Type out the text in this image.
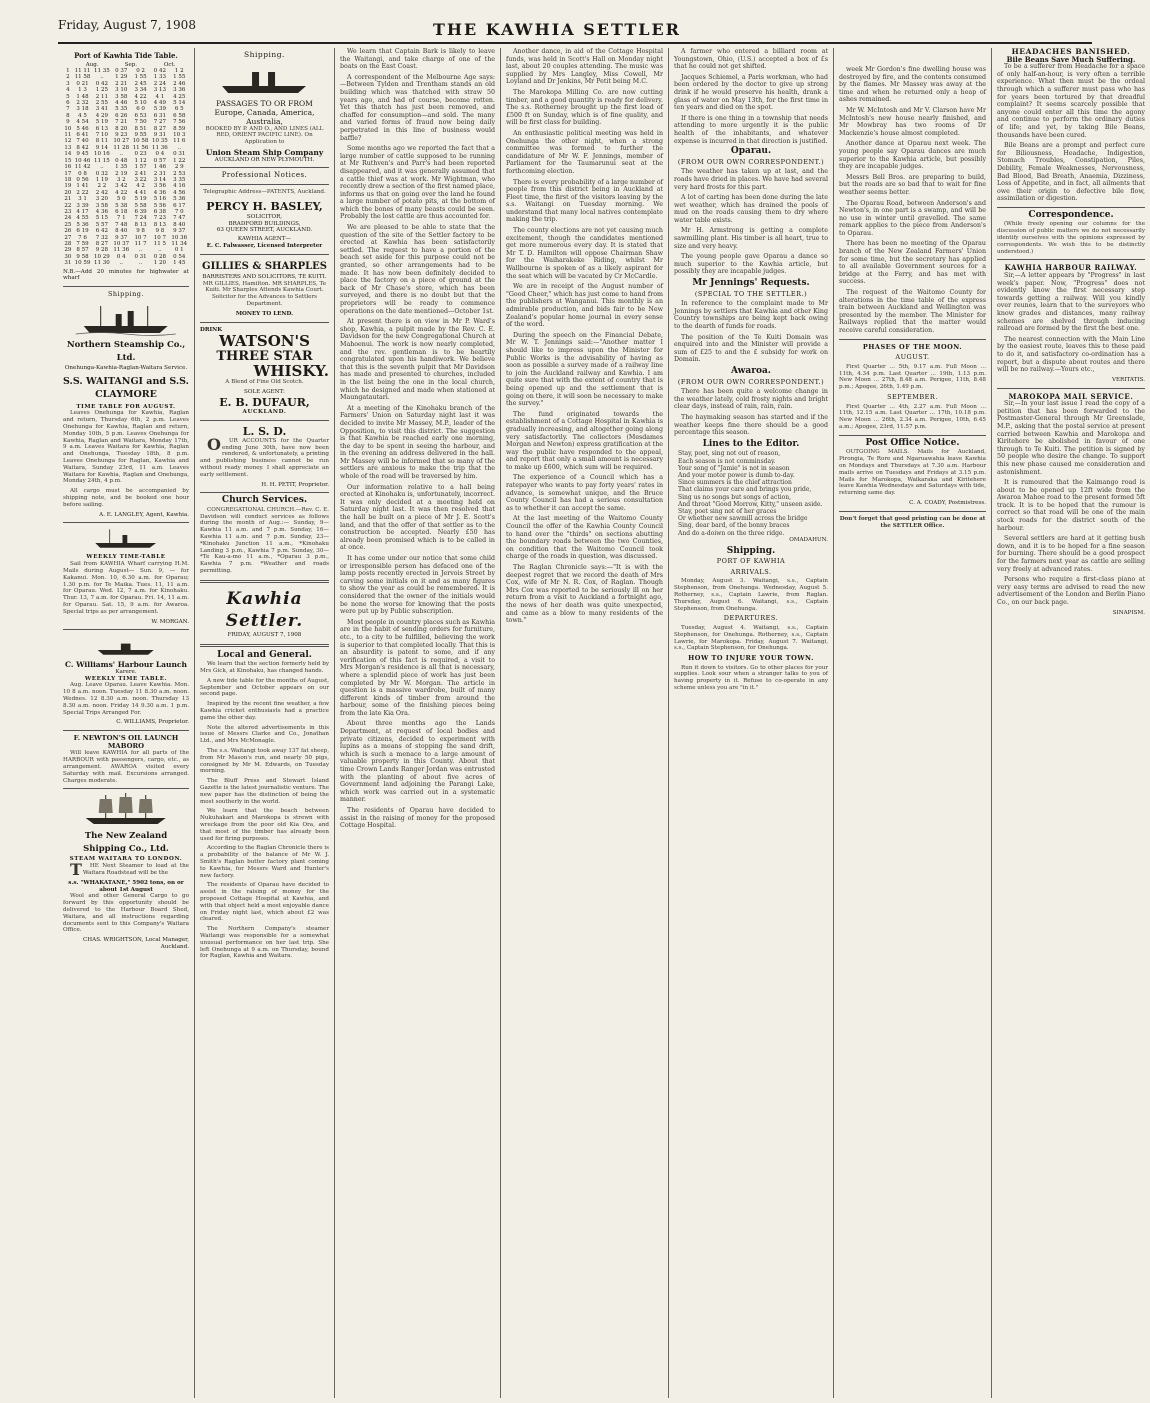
Friday, August 7, 1908	THE KAWHIA SETTLER
Port of Kawhia Tide Table.
	Aug.		Sep.		Oct.	
1	11 11	11 35	0 37	0 2	0 42	1 2
2	11 58	..	1 29	1 55	1 33	1 55
3	0 21	0 42	2 21	2 45	2 24	2 46
4	1 3	1 25	3 10	3 34	3 13	3 36
5	1 48	2 11	3 58	4 22	4 1	4 25
6	2 32	2 55	4 46	5 10	4 49	5 14
7	3 18	3 41	5 35	6 0	5 39	6 5
8	4 5	4 29	6 26	6 53	6 31	6 58
9	4 54	5 19	7 21	7 50	7 27	7 56
10	5 46	6 13	8 20	8 51	8 27	8 59
11	6 41	7 10	9 23	9 55	9 31	10 3
12	7 40	8 11	10 27	10 58	10 35	11 6
13	8 42	9 14	11 28	11 56	11 36	..
14	9 45	10 16	..	0 23	0 4	0 31
15	10 46	11 15	0 48	1 12	0 57	1 22
16	11 42	..	1 35	1 57	1 46	2 9
17	0 8	0 32	2 19	2 41	2 31	2 53
18	0 56	1 19	3 2	3 22	3 14	3 35
19	1 41	2 2	3 42	4 2	3 56	4 16
20	2 22	2 42	4 22	4 41	4 36	4 56
21	3 1	3 20	5 0	5 19	5 16	5 36
22	3 39	3 58	5 38	5 58	5 56	6 17
23	4 17	4 36	6 18	6 39	6 38	7 0
24	4 55	5 15	7 1	7 24	7 23	7 47
25	5 36	5 57	7 48	8 13	8 13	8 40
26	6 19	6 42	8 40	9 8	9 8	9 37
27	7 6	7 32	9 37	10 7	10 7	10 36
28	7 59	8 27	10 37	11 7	11 5	11 34
29	8 57	9 28	11 36	..	..	0 1
30	9 58	10 29	0 4	0 31	0 28	0 54
31	10 59	11 30	..	..	1 20	1 45
N.B.—Add 20 minutes for highwater at wharf
Shipping.
Northern Steamship Co., Ltd.
Onehunga-Kawhia-Raglan-Waitara Service.
S.S. WAITANGI and S.S. CLAYMORE
TIME TABLE FOR AUGUST.

Leaves Onehunga for Kawhia, Raglan and return, Thursday 6th, 2 p.m. Leaves Onehunga for Kawhia, Raglan and return, Monday 10th, 5 p.m. Leaves Onehunga for Kawhia, Raglan and Waitara, Monday 17th, 9 a.m. Leaves Waitara for Kawhia, Raglan and Onehunga, Tuesday 18th, 8 p.m. Leaves Onehunga for Raglan, Kawhia and Waitara, Sunday 23rd, 11 a.m. Leaves Waitara for Kawhia, Raglan and Onehunga, Monday 24th, 4 p.m.

All cargo must be accompanied by shipping note, and be booked one hour before sailing.

A. E. LANGLEY, Agent, Kawhia.
WEEKLY TIME-TABLE

Sail from KAWHIA Wharf carrying H.M. Mails during August— Sun. 9, — for Kakanui. Mon. 10, 6.30 a.m. for Oparau; 1.30 p.m. for Te Maika. Tues. 11, 11 a.m. for Oparau. Wed. 12, 7 a.m. for Kinohaku. Thur. 13, 7 a.m. for Oparau. Fri. 14, 11 a.m. for Oparau. Sat. 15, 9 a.m. for Awaroa. Special trips as per arrangement.

W. MORGAN.
C. Williams' Harbour Launch
Karere.
WEEKLY TIME TABLE.

Aug. Leave Oparau. Leave Kawhia. Mon. 10 8 a.m. noon. Tuesday 11 8.30 a.m. noon. Wednes. 12 8.30 a.m. noon. Thursday 13 8.30 a.m. noon. Friday 14 9.30 a.m. 1 p.m. Special Trips Arranged For.

C. WILLIAMS, Proprietor.
F. NEWTON'S OIL LAUNCH MABORO

Will leave KAWHIA for all parts of the HARBOUR with passengers, cargo, etc., as arrangement. AWAROA visited every Saturday with mail. Excursions arranged. Charges moderate.

The New Zealand Shipping Co., Ltd.
STEAM WAITARA TO LONDON.

THE Next Steamer to load at the Waitara Roadstead will be the

s.s. "WHAKATANE," 5902 tons, on or about 1st August

Wool and other General Cargo to go forward by this opportunity should be delivered to the Harbour Board Shed, Waitara, and all instructions regarding documents sent to this Company's Waitara Office.

CHAS. WRIGHTSON, Local Manager, Auckland.
Shipping.
PASSAGES TO OR FROM Europe, Canada, America, Australia,

BOOKED BY P. AND O., AND LINES (ALL RED, ORIENT PACIFIC LINE). On Application to

Union Steam Ship Company
AUCKLAND OR NEW PLYMOUTH.
Professional Notices.

Telegraphic Address—PATENTS, Auckland.

PERCY H. BASLEY,
SOLICITOR,
BRADFORD BUILDINGS,
63 QUEEN STREET, AUCKLAND.
KAWHIA AGENT—
E. C. Falwasser, Licensed Interpreter
GILLIES & SHARPLES
BARRISTERS AND SOLICITORS, TE KUITI.

MR GILLIES, Hamilton. MR SHARPLES, Te Kuiti. Mr Sharples Attends Kawhia Court. Solicitor for the Advances to Settlers Department.

MONEY TO LEND.
DRINK
WATSON'S
THREE STAR
WHISKY.

A Blend of Fine Old Scotch.

SOLE AGENT:
E. B. DUFAUR,
AUCKLAND.
L. S. D.

OUR ACCOUNTS for the Quarter ending June 30th, have now been rendered, & unfortunately, a printing and publishing business cannot be run without ready money. I shall appreciate an early settlement.

H. H. PETIT, Proprietor.
Church Services.

CONGREGATIONAL CHURCH.—Rev. C. E. Davidson will conduct services as follows during the month of Aug.:— Sunday, 9—Kawhia 11 a.m. and 7 p.m. Sunday, 16—Kawhia 11 a.m. and 7 p.m. Sunday, 23—*Kinohaku Junction 11 a.m., *Kinohaku Landing 3 p.m., Kawhia 7 p.m. Sunday, 30—*Te Kau-a-mo 11 a.m., *Oparau 3 p.m., Kawhia 7 p.m. *Weather and roads permitting.

Kawhia Settler.
FRIDAY, AUGUST 7, 1908
Local and General.

We learn that the section formerly held by Mrs Gick, at Kinohaku, has changed hands.

A new tide table for the months of August, September and October appears on our second page.

Inspired by the recent fine weather, a few Kawhia cricket enthusiasts had a practice game the other day.

Note the altered advertisements in this issue of Messrs Clarke and Co., Jonathan Ltd., and Mrs McMonagle.

The s.s. Waitangi took away 137 fat sheep, from Mr Mason's run, and nearly 50 pigs, consigned by Mr M. Edwards, on Tuesday morning.

The Bluff Press and Stewart Island Gazette is the latest journalistic venture. The new paper has the distinction of being the most southerly in the world.

We learn that the beach between Nukuhakari and Marokopa is strewn with wreckage from the poor old Kia Ora, and that most of the timber has already been used for firing purposes.

According to the Raglan Chronicle there is a probability of the balance of Mr W. J. Smith's Raglan butter factory plant coming to Kawhia, for Messrs Ward and Hunter's new factory.

The residents of Oparau have decided to assist in the raising of money for the proposed Cottage Hospital at Kawhia, and with that object held a most enjoyable dance on Friday night last, which about £2 was cleared.

The Northern Company's steamer Waitangi was responsible for a somewhat unusual performance on her last trip. She left Onehunga at 9 a.m. on Thursday, bound for Raglan, Kawhia and Waitara.

We learn that Captain Bark is likely to leave the Waitangi, and take charge of one of the boats on the East Coast.

A correspondent of the Melbourne Age says:—Between Tylden and Trentham stands an old building which was thatched with straw 50 years ago, and had of course, become rotten. Yet this thatch has just been removed, and chaffed for consumption—and sold. The many and varied forms of fraud now being daily perpetrated in this line of business would baffle?

Some months ago we reported the fact that a large number of cattle supposed to be running at Mr Ruthven's and Parr's had been reported disappeared, and it was generally assumed that a cattle thief was at work. Mr Wightman, who recently drew a section of the first named place, informs us that on going over the land he found a large number of potato pits, at the bottom of which the bones of many beasts could be seen. Probably the lost cattle are thus accounted for.

We are pleased to be able to state that the question of the site of the Settler factory to be erected at Kawhia has been satisfactorily settled. The request to have a portion of the beach set aside for this purpose could not be granted, so other arrangements had to be made. It has now been definitely decided to place the factory on a piece of ground at the back of Mr Chase's store, which has been surveyed, and there is no doubt but that the proprietors will be ready to commence operations on the date mentioned—October 1st.

At present there is on view in Mr P. Ward's shop, Kawhia, a pulpit made by the Rev. C. E. Davidson for the new Congregational Church at Mahoenui. The work is now nearly completed, and the rev. gentleman is to be heartily congratulated upon his handiwork. We believe that this is the seventh pulpit that Mr Davidson has made and presented to churches, included in the list being the one in the local church, which he designed and made when stationed at Maungatautari.

At a meeting of the Kinohaku branch of the Farmers' Union on Saturday night last it was decided to invite Mr Massey, M.P., leader of the Opposition, to visit this district. The suggestion is that Kawhia be reached early one morning, the day to be spent in seeing the harbour, and in the evening an address delivered in the hall. Mr Massey will be informed that so many of the settlers are anxious to make the trip that the whole of the road will be traversed by him.

Our information relative to a hall being erected at Kinohaku is, unfortunately, incorrect. It was only decided at a meeting held on Saturday night last. It was then resolved that the hall be built on a piece of Mr J. E. Scott's land, and that the offer of that settler as to the construction be accepted. Nearly £50 has already been promised which is to be called in at once.

It has come under our notice that some child or irresponsible person has defaced one of the lamp posts recently erected in Jervois Street by carving some initials on it and as many figures to show the year as could be remembered. It is considered that the owner of the initials would be none the worse for knowing that the posts were put up by Public subscription.

Most people in country places such as Kawhia are in the habit of sending orders for furniture, etc., to a city to be fulfilled, believing the work is superior to that completed locally. That this is an absurdity is patent to some, and if any verification of this fact is required, a visit to Mrs Morgan's residence is all that is necessary, where a splendid piece of work has just been completed by Mr W. Morgan. The article in question is a massive wardrobe, built of many different kinds of timber from around the harbour, some of the finishing pieces being from the late Kia Ora.

About three months ago the Lands Department, at request of local bodies and private citizens, decided to experiment with lupins as a means of stopping the sand drift, which is such a menace to a large amount of valuable property in this County. About that time Crown Lands Ranger Jordan was entrusted with the planting of about five acres of Government land adjoining the Parangi Lake, which work was carried out in a systematic manner.

The residents of Oparau have decided to assist in the raising of money for the proposed Cottage Hospital.

Another dance, in aid of the Cottage Hospital funds, was held in Scott's Hall on Monday night last, about 20 couples attending. The music was supplied by Mrs Langley, Miss Cowell, Mr Loyland and Dr Jenkins, Mr Petit being M.C.

The Marokopa Milling Co. are now cutting timber, and a good quantity is ready for delivery. The s.s. Rotherney brought up the first load of £500 ft on Sunday, which is of fine quality, and will be first class for building.

An enthusiastic political meeting was held in Onehunga the other night, when a strong committee was formed to further the candidature of Mr W. F. Jennings, member of Parliament for the Taumarunui seat at the forthcoming election.

There is every probability of a large number of people from this district being in Auckland at Fleet time, the first of the visitors leaving by the s.s. Waitangi on Tuesday morning. We understand that many local natives contemplate making the trip.

The county elections are not yet causing much excitement, though the candidates mentioned get more numerous every day. It is stated that Mr T. D. Hamilton will oppose Chairman Shaw for the Waiharakeke Riding, whilst Mr Wallbourne is spoken of as a likely aspirant for the seat which will be vacated by Cr McCardle.

We are in receipt of the August number of "Good Cheer," which has just come to hand from the publishers at Wanganui. This monthly is an admirable production, and bids fair to be New Zealand's popular home journal in every sense of the word.

During the speech on the Financial Debate, Mr W. T. Jennings said:—"Another matter I should like to impress upon the Minister for Public Works is the advisability of having as soon as possible a survey made of a railway line to join the Auckland railway and Kawhia. I am quite sure that with the extent of country that is being opened up and the settlement that is going on there, it will soon be necessary to make the survey."

The fund originated towards the establishment of a Cottage Hospital in Kawhia is gradually increasing, and altogether going along very satisfactorily. The collectors (Mesdames Morgan and Newton) express gratification at the way the public have responded to the appeal, and report that only a small amount is necessary to make up £600, which sum will be required.

The experience of a Council which has a ratepayer who wants to pay forty years' rates in advance, is somewhat unique, and the Bruce County Council has had a serious consultation as to whether it can accept the same.

At the last meeting of the Waitomo County Council the offer of the Kawhia County Council to hand over the "thirds" on sections abutting the boundary roads between the two Counties, on condition that the Waitomo Council took charge of the roads in question, was discussed.

The Raglan Chronicle says:—"It is with the deepest regret that we record the death of Mrs Cox, wife of Mr N. R. Cox, of Raglan. Though Mrs Cox was reported to be seriously ill on her return from a visit to Auckland a fortnight ago, the news of her death was quite unexpected, and came as a blow to many residents of the town."

A farmer who entered a billiard room at Youngstown, Ohio, (U.S.) accepted a box of £s that he could not get shifted.

Jacques Schiemel, a Paris workman, who had been ordered by the doctor to give up strong drink if he would preserve his health, drank a glass of water on May 13th, for the first time in ten years and died on the spot.

If there is one thing in a township that needs attending to more urgently it is the public health of the inhabitants, and whatever expense is incurred in that direction is justified.

Oparau.
(FROM OUR OWN CORRESPONDENT.)

The weather has taken up at last, and the roads have dried in places. We have had several very hard frosts for this part.

A lot of carting has been done during the late wet weather, which has drained the pools of mud on the roads causing them to dry where water table exists.

Mr H. Armstrong is getting a complete sawmilling plant. His timber is all heart, true to size and very heavy.

The young people gave Oparau a dance so much superior to the Kawhia article, but possibly they are incapable judges.

Mr Jennings' Requests.
(SPECIAL TO THE SETTLER.)

In reference to the complaint made to Mr Jennings by settlers that Kawhia and other King Country townships are being kept back owing to the dearth of funds for roads.

The position of the Te Kuiti Domain was enquired into and the Minister will provide a sum of £25 to and the £ subsidy for work on Domain.

Awaroa.
(FROM OUR OWN CORRESPONDENT.)

There has been quite a welcome change in the weather lately, cold frosty nights and bright clear days, instead of rain, rain, rain.

The haymaking season has started and if the weather keeps fine there should be a good percentage this season.

Lines to the Editor.

Stay, poet, sing not out of reason,

Each season is not comminsday.

Your song of "Jamie" is not in season

And your motor power is dumb to-day.

Since summers is the chief attraction

That claims your care and brings you pride,

Sing us no songs but songs of action,

And throat "Good Morrow, Kitty," unseen aside.

Stay, poet sing not of her graces

Or whether new sawmill across the bridge

Sing, dear bard, of the bonny braces

And do a-doiwn on the three ridge.

OMADAHUN.
Shipping.
PORT OF KAWHIA
ARRIVALS.

Monday, August 3. Waitangi, s.s., Captain Stephenson, from Onehunga. Wednesday, August 5. Rotherney, s.s., Captain Lawrie, from Raglan. Thursday, August 6. Waitangi, s.s., Captain Stephenson, from Onehunga.

DEPARTURES.

Tuesday, August 4. Waitangi, s.s., Captain Stephenson, for Onehunga. Rotherney, s.s., Captain Lawrie, for Marokopa. Friday, August 7. Waitangi, s.s., Captain Stephenson, for Onehunga.

HOW TO INJURE YOUR TOWN.

Run it down to visitors. Go to other places for your supplies. Look sour when a stranger talks to you of having property in it. Refuse to co-operate in any scheme unless you are "in it."

week Mr Gordon's fine dwelling house was destroyed by fire, and the contents consumed by the flames. Mr Massey was away at the time and when he returned only a heap of ashes remained.

Mr W. McIntosh and Mr V. Clarson have Mr McIntosh's new house nearly finished, and Mr Mowbray has two rooms of Dr Mackenzie's house almost completed.

Another dance at Oparau next week. The young people say Oparau dances are much superior to the Kawhia article, but possibly they are incapable judges.

Messrs Bell Bros. are preparing to build, but the roads are so bad that to wait for fine weather seems better.

The Oparau Road, between Anderson's and Newton's, in one part is a swamp, and will be no use in winter until gravelled. The same remark applies to the piece from Anderson's to Oparau.

There has been no meeting of the Oparau branch of the New Zealand Farmers' Union for some time, but the secretary has applied to all available Government sources for a bridge at the Ferry, and has met with success.

The request of the Waitomo County for alterations in the time table of the express train between Auckland and Wellington was presented by the member. The Minister for Railways replied that the matter would receive careful consideration.

PHASES OF THE MOON.
AUGUST.

First Quarter ... 5th, 9.17 a.m. Full Moon ... 11th, 4.34 p.m. Last Quarter ... 19th, 1.13 p.m. New Moon ... 27th, 8.48 a.m. Perigee, 11th, 8.48 p.m.; Apogee, 26th, 1.49 p.m.

SEPTEMBER.

First Quarter ... 4th, 2.27 a.m. Full Moon ... 11th, 12.15 a.m. Last Quarter ... 17th, 10.18 p.m. New Moon ... 26th, 2.34 a.m. Perigee, 10th, 6.45 a.m.; Apogee, 23rd, 11.57 p.m.

Post Office Notice.

OUTGOING MAILS. Mails for Auckland, Pirongia, Te Rore and Ngaruawahia leave Kawhia on Mondays and Thursdays at 7.30 a.m. Harbour mails arrive on Tuesdays and Fridays at 3.15 p.m. Mails for Marokopa, Waikaraka and Kiritehere leave Kawhia Wednesdays and Saturdays with tide, returning same day.

C. A. COADY, Postmistress.

Don't forget that good printing can be done at the SETTLER Office.

HEADACHES BANISHED.
Bile Beans Save Much Suffering.

To be a sufferer from Headache for a space of only half-an-hour, is very often a terrible experience. What then must be the ordeal through which a sufferer must pass who has for years been tortured by that dreadful complaint? It seems scarcely possible that anyone could enter all this time the agony and continue to perform the ordinary duties of life; and yet, by taking Bile Beans, thousands have been cured.

Bile Beans are a prompt and perfect cure for Biliousness, Headache, Indigestion, Stomach Troubles, Constipation, Piles, Debility, Female Weaknesses, Nervousness, Bad Blood, Bad Breath, Anaemia, Dizziness, Loss of Appetite, and in fact, all ailments that owe their origin to defective bile flow, assimilation or digestion.

Correspondence.

(While freely opening our columns for the discussion of public matters we do not necessarily identify ourselves with the opinions expressed by correspondents. We wish this to be distinctly understood.)

KAWHIA HARBOUR RAILWAY.

Sir,—A letter appears by "Progress" in last week's paper. Now, "Progress" does not evidently know the first necessary step towards getting a railway. Will you kindly over reunes, learn that to the surveyors who know grades and distances, many railway schemes are shelved through inducing railroad are formed by the first the best one.

The nearest connection with the Main Line by the easiest route, leaves this to these paid to do it, and satisfactory co-ordination has a report, but a dispute about routes and there will be no railway.—Yours etc.,

VERITATIS.
MAROKOPA MAIL SERVICE.

Sir,—In your last issue I read the copy of a petition that has been forwarded to the Postmaster-General through Mr Greenslade, M.P., asking that the postal service at present carried between Kawhia and Marokopa and Kiritehere be abolished in favour of one through to Te Kuiti. The petition is signed by 50 people who desire the change. To support this new phase caused me consideration and astonishment.

It is rumoured that the Kaimango road is about to be opened up 12ft wide from the Awaroa Mahoe road to the present formed 5ft track. It is to be hoped that the rumour is correct so that road will be one of the main stock roads for the district south of the harbour.

Several settlers are hard at it getting bush down, and it is to be hoped for a fine season for burning. There should be a good prospect for the farmers next year as cattle are selling very freely at advanced rates.

Persons who require a first-class piano at very easy terms are advised to read the new advertisement of the London and Berlin Piano Co., on our back page.

SINAPISM.
